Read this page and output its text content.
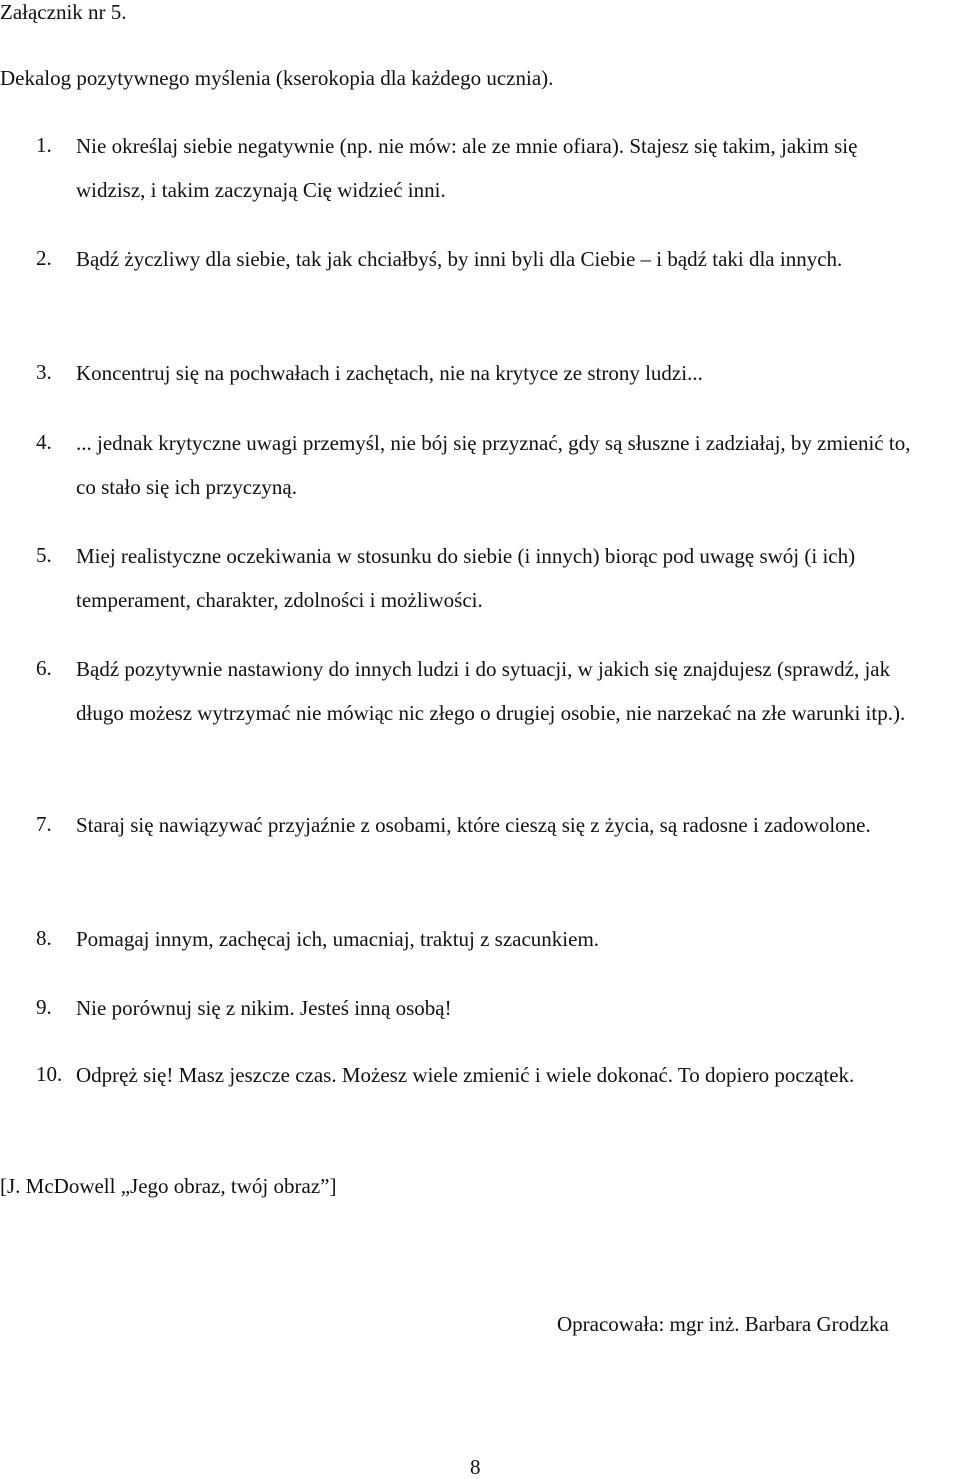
Załącznik nr 5.
Dekalog pozytywnego myślenia (kserokopia dla każdego ucznia).
1. Nie określaj siebie negatywnie (np. nie mów: ale ze mnie ofiara). Stajesz się takim, jakim się widzisz, i takim zaczynają Cię widzieć inni.
2. Bądź życzliwy dla siebie, tak jak chciałbyś, by inni byli dla Ciebie – i bądź taki dla innych.
3. Koncentruj się na pochwałach i zachętach, nie na krytyce ze strony ludzi...
4. ... jednak krytyczne uwagi przemyśl, nie bój się przyznać, gdy są słuszne i zadziałaj, by zmienić to, co stało się ich przyczyną.
5. Miej realistyczne oczekiwania w stosunku do siebie (i innych) biorąc pod uwagę swój (i ich) temperament, charakter, zdolności i możliwości.
6. Bądź pozytywnie nastawiony do innych ludzi i do sytuacji, w jakich się znajdujesz (sprawdź, jak długo możesz wytrzymać nie mówiąc nic złego o drugiej osobie, nie narzekać na złe warunki itp.).
7. Staraj się nawiązywać przyjaźnie z osobami, które cieszą się z życia, są radosne i zadowolone.
8. Pomagaj innym, zachęcaj ich, umacniaj, traktuj z szacunkiem.
9. Nie porównuj się z nikim. Jesteś inną osobą!
10. Odpręż się! Masz jeszcze czas. Możesz wiele zmienić i wiele dokonać. To dopiero początek.
[J. McDowell „Jego obraz, twój obraz”]
Opracowała: mgr inż. Barbara Grodzka
8
